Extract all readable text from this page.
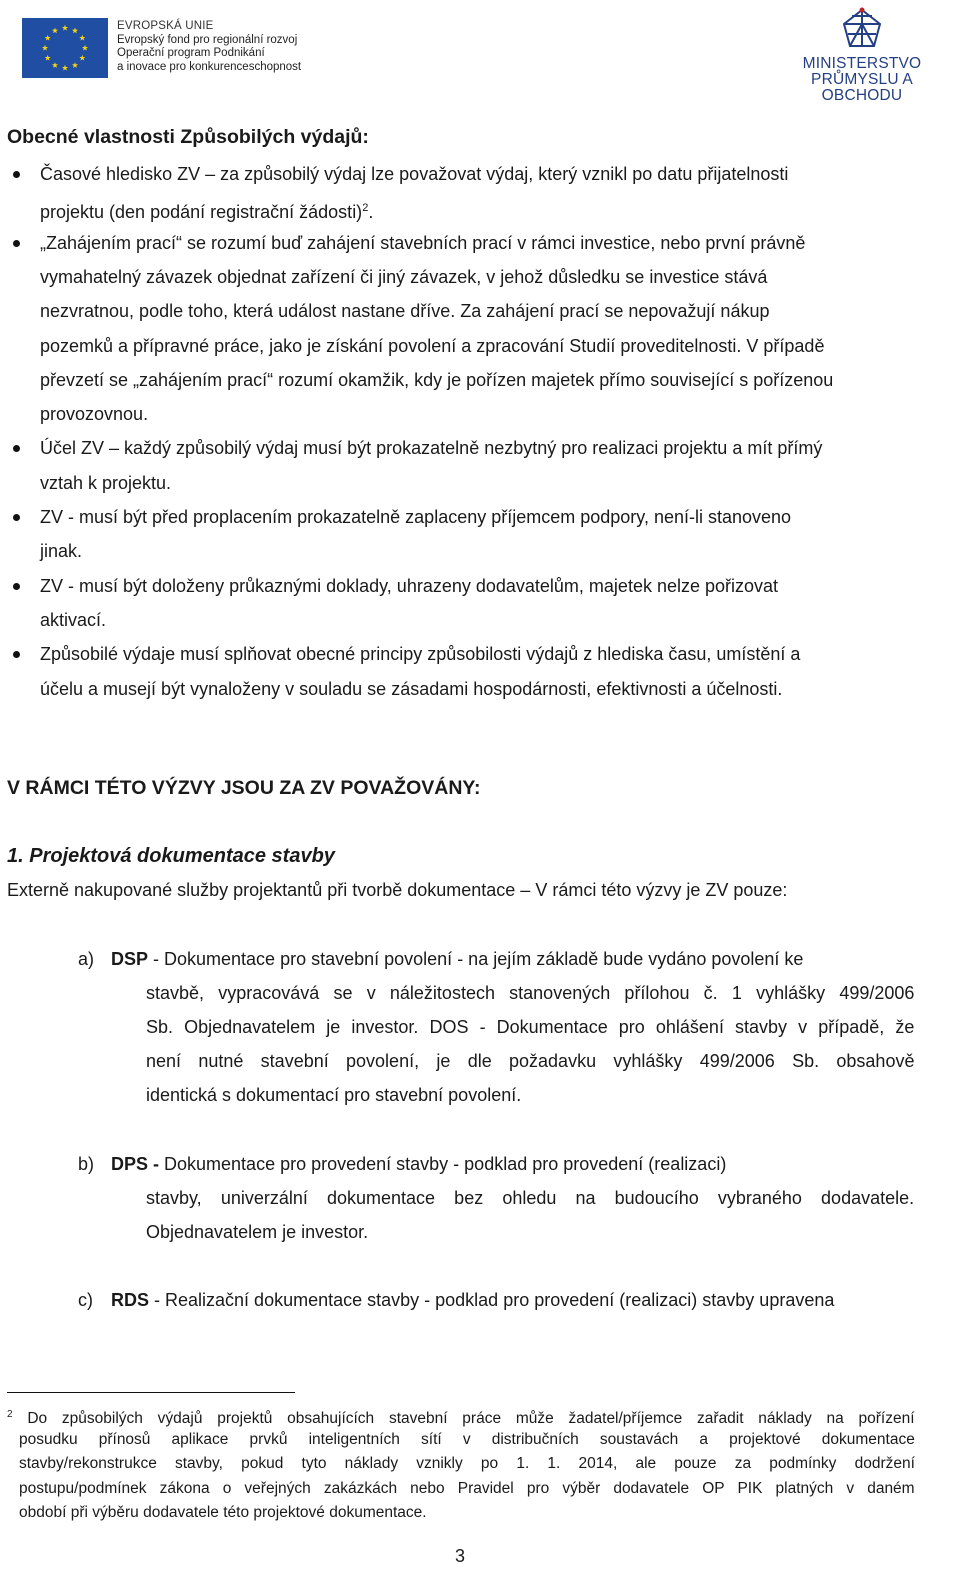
EVROPSKÁ UNIE
Evropský fond pro regionální rozvoj
Operační program Podnikání
a inovace pro konkurenceschopnost	MINISTERSTVO
PRŮMYSLU A OBCHODU
Obecné vlastnosti Způsobilých výdajů:
Časové hledisko ZV – za způsobilý výdaj lze považovat výdaj, který vznikl po datu přijatelnosti
projektu (den podání registrační žádosti)$^2$.
„Zahájením prací“ se rozumí buď zahájení stavebních prací v rámci investice, nebo první právně
vymahatelný závazek objednat zařízení či jiný závazek, v jehož důsledku se investice stává
nezvratnou, podle toho, která událost nastane dříve. Za zahájení prací se nepovažují nákup
pozemků a přípravné práce, jako je získání povolení a zpracování Studií proveditelnosti. V případě
převzetí se „zahájením prací“ rozumí okamžik, kdy je pořízen majetek přímo související s pořízenou
provozovnou.
Účel ZV – každý způsobilý výdaj musí být prokazatelně nezbytný pro realizaci projektu a mít přímý
vztah k projektu.
ZV - musí být před proplacením prokazatelně zaplaceny příjemcem podpory, není-li stanoveno
jinak.
ZV - musí být doloženy průkaznými doklady, uhrazeny dodavatelům, majetek nelze pořizovat
aktivací.
Způsobilé výdaje musí splňovat obecné principy způsobilosti výdajů z hlediska času, umístění a
účelu a musejí být vynaloženy v souladu se zásadami hospodárnosti, efektivnosti a účelnosti.
V RÁMCI TÉTO VÝZVY JSOU ZA ZV POVAŽOVÁNY:
1. Projektová dokumentace stavby
Externě nakupované služby projektantů při tvorbě dokumentace – V rámci této výzvy je ZV pouze:
a) DSP - Dokumentace pro stavební povolení - na jejím základě bude vydáno povolení ke
stavbě, vypracovává se v náležitostech stanovených přílohou č. 1 vyhlášky 499/2006
Sb. Objednavatelem je investor. DOS - Dokumentace pro ohlášení stavby v případě, že
není nutné stavební povolení, je dle požadavku vyhlášky 499/2006 Sb. obsahově
identická s dokumentací pro stavební povolení.
b) DPS - Dokumentace pro provedení stavby - podklad pro provedení (realizaci)
stavby, univerzální dokumentace bez ohledu na budoucího vybraného dodavatele.
Objednavatelem je investor.
c) RDS - Realizační dokumentace stavby - podklad pro provedení (realizaci) stavby upravena
$^2$ Do způsobilých výdajů projektů obsahujících stavební práce může žadatel/příjemce zařadit náklady na pořízení
posudku přínosů aplikace prvků inteligentních sítí v distribučních soustavách a projektové dokumentace
stavby/rekonstrukce stavby, pokud tyto náklady vznikly po 1. 1. 2014, ale pouze za podmínky dodržení
postupu/podmínek zákona o veřejných zakázkách nebo Pravidel pro výběr dodavatele OP PIK platných v daném
období při výběru dodavatele této projektové dokumentace.
3
